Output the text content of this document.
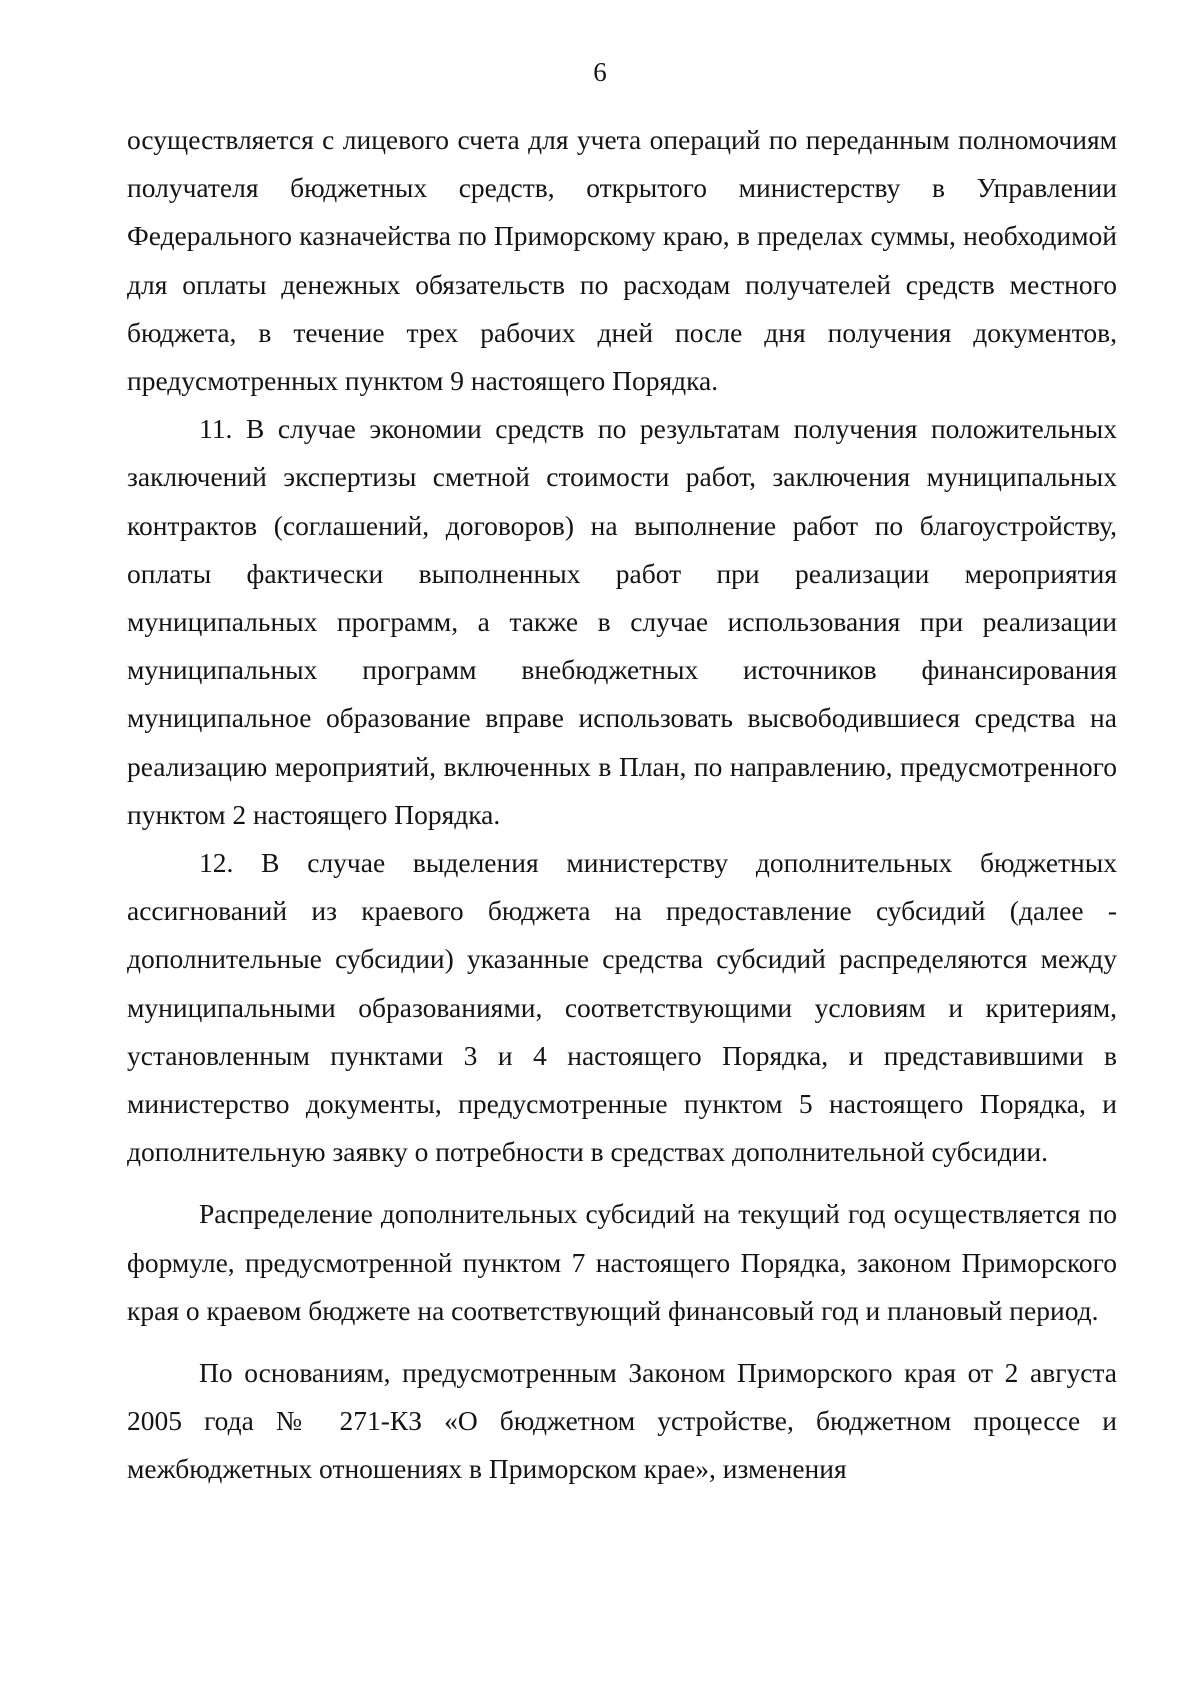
6

осуществляется с лицевого счета для учета операций по переданным полномочиям получателя бюджетных средств, открытого министерству в Управлении Федерального казначейства по Приморскому краю, в пределах суммы, необходимой для оплаты денежных обязательств по расходам получателей средств местного бюджета, в течение трех рабочих дней после дня получения документов, предусмотренных пунктом 9 настоящего Порядка.

11. В случае экономии средств по результатам получения положительных заключений экспертизы сметной стоимости работ, заключения муниципальных контрактов (соглашений, договоров) на выполнение работ по благоустройству, оплаты фактически выполненных работ при реализации мероприятия муниципальных программ, а также в случае использования при реализации муниципальных программ внебюджетных источников финансирования муниципальное образование вправе использовать высвободившиеся средства на реализацию мероприятий, включенных в План, по направлению, предусмотренного пунктом 2 настоящего Порядка.

12. В случае выделения министерству дополнительных бюджетных ассигнований из краевого бюджета на предоставление субсидий (далее - дополнительные субсидии) указанные средства субсидий распределяются между муниципальными образованиями, соответствующими условиям и критериям, установленным пунктами 3 и 4 настоящего Порядка, и представившими в министерство документы, предусмотренные пунктом 5 настоящего Порядка, и дополнительную заявку о потребности в средствах дополнительной субсидии.

Распределение дополнительных субсидий на текущий год осуществляется по формуле, предусмотренной пунктом 7 настоящего Порядка, законом Приморского края о краевом бюджете на соответствующий финансовый год и плановый период.

По основаниям, предусмотренным Законом Приморского края от 2 августа 2005 года № 271-КЗ «О бюджетном устройстве, бюджетном процессе и межбюджетных отношениях в Приморском крае», изменения
